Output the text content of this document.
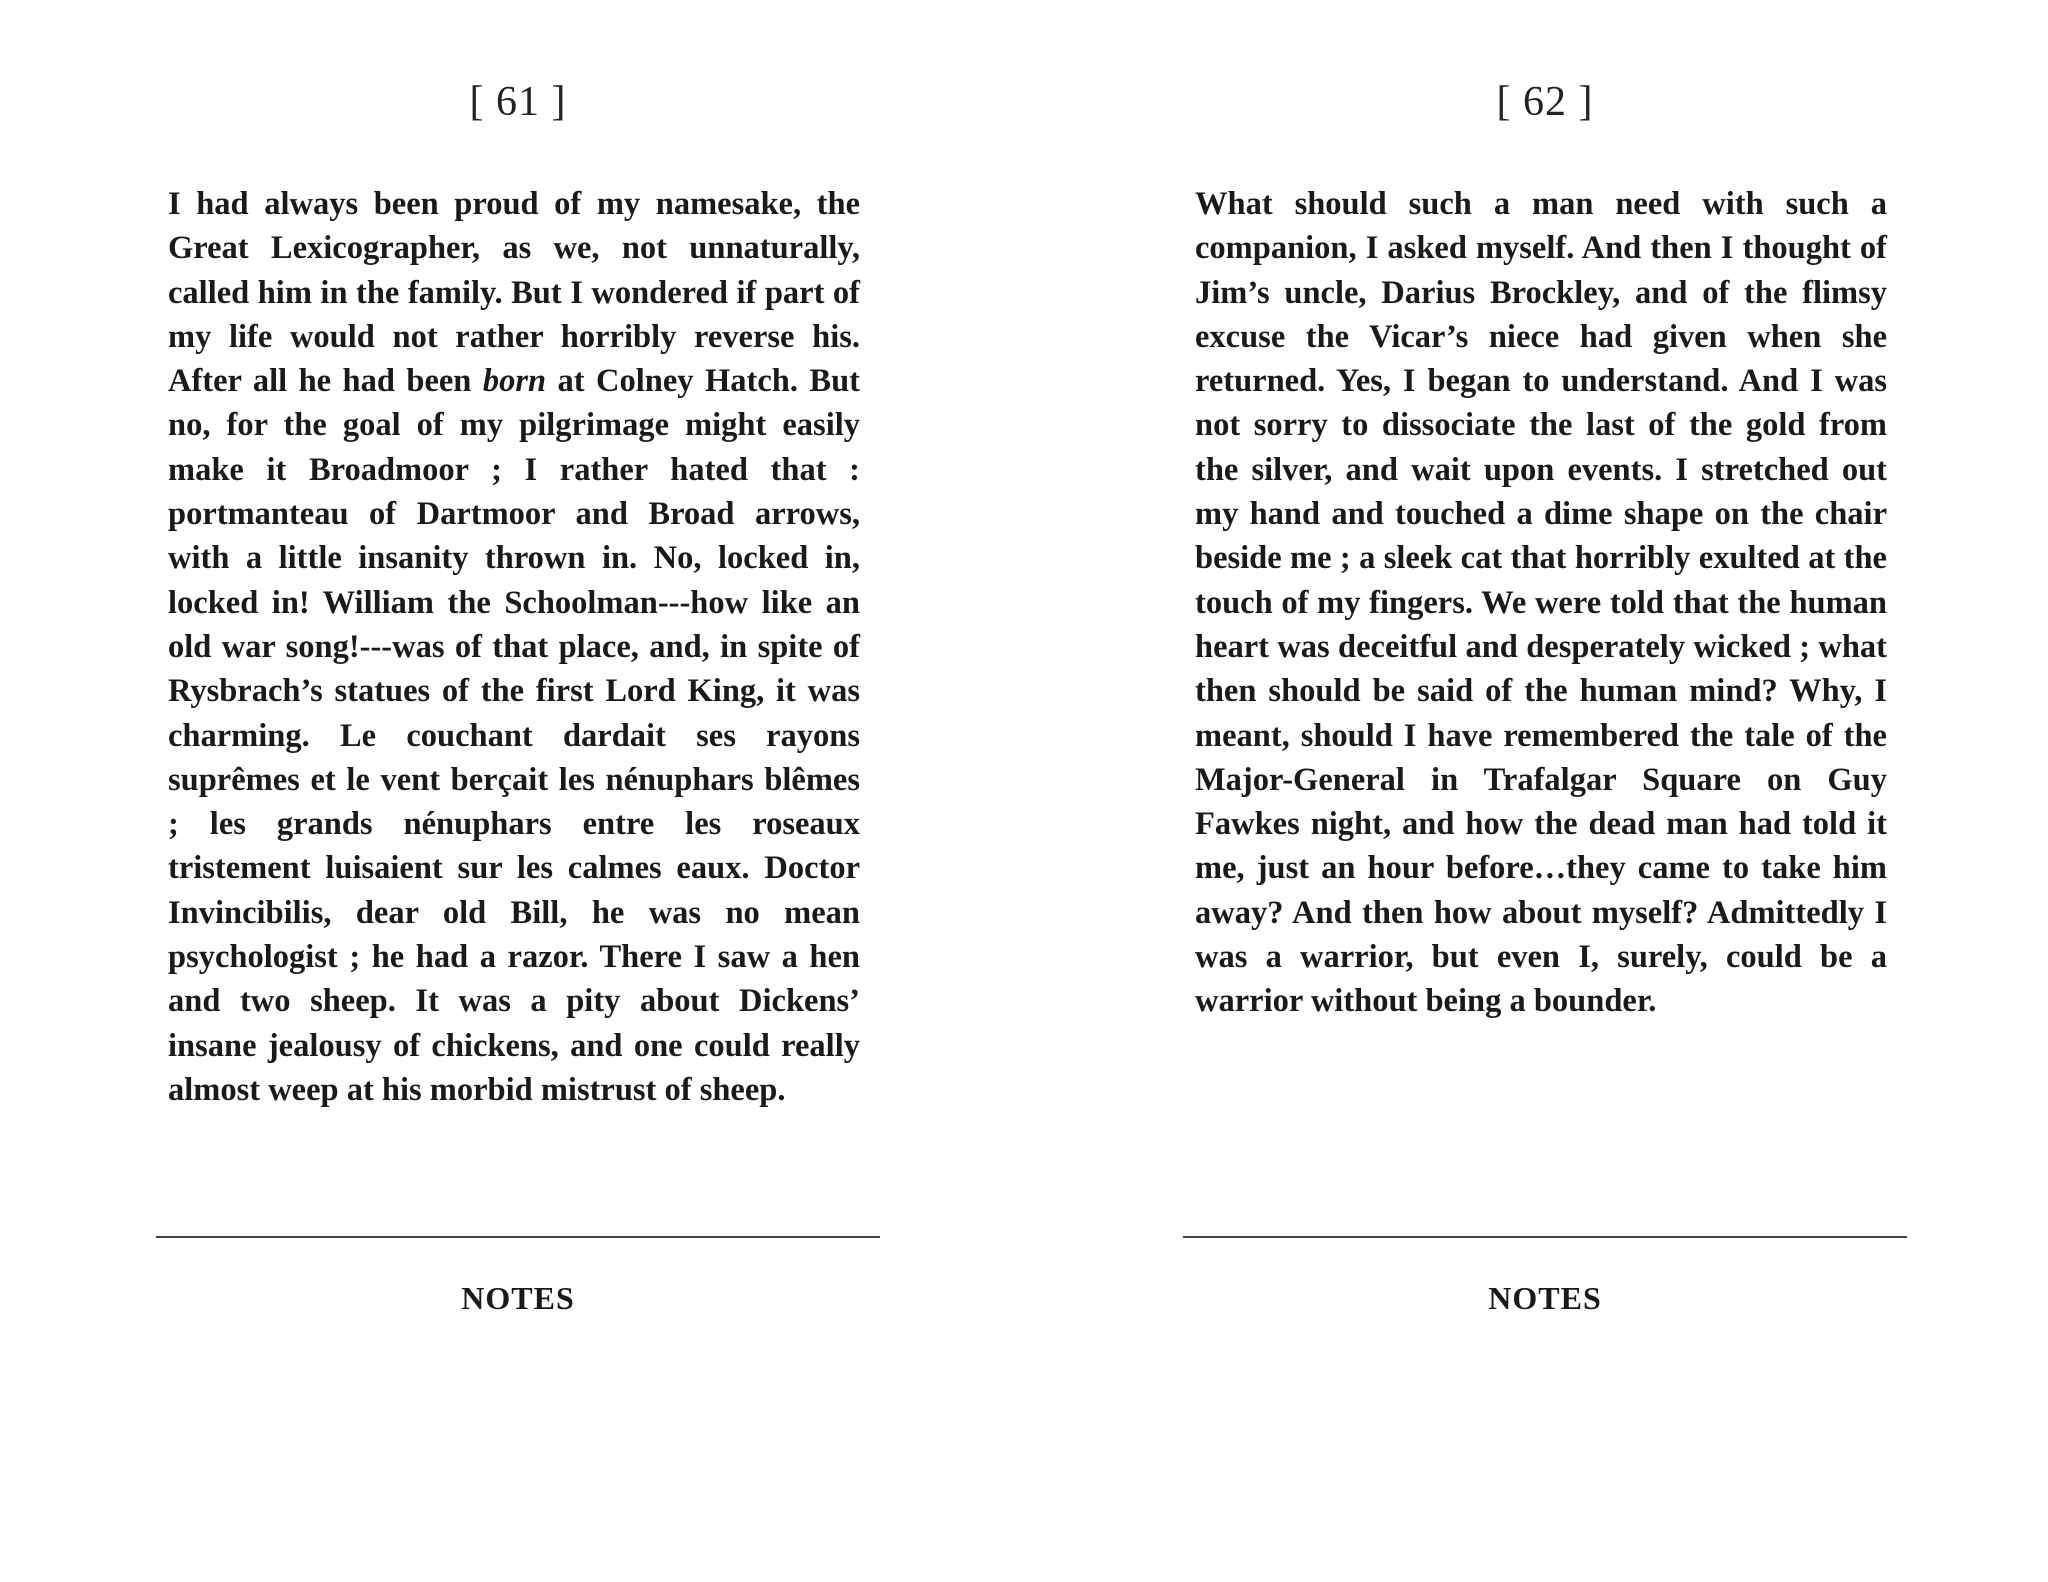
[ 61 ]

I had always been proud of my namesake, the Great Lexicographer, as we, not unnaturally, called him in the family. But I wondered if part of my life would not rather horribly reverse his. After all he had been born at Colney Hatch. But no, for the goal of my pilgrimage might easily make it Broadmoor ; I rather hated that : portmanteau of Dartmoor and Broad arrows, with a little insanity thrown in. No, locked in, locked in! William the Schoolman---how like an old war song!---was of that place, and, in spite of Rysbrach’s statues of the first Lord King, it was charming. Le couchant dardait ses rayons suprêmes et le vent berçait les nénuphars blêmes ; les grands nénuphars entre les roseaux tristement luisaient sur les calmes eaux. Doctor Invincibilis, dear old Bill, he was no mean psychologist ; he had a razor. There I saw a hen and two sheep. It was a pity about Dickens’ insane jealousy of chickens, and one could really almost weep at his morbid mistrust of sheep.

NOTES
[ 62 ]

What should such a man need with such a companion, I asked myself. And then I thought of Jim’s uncle, Darius Brockley, and of the flimsy excuse the Vicar’s niece had given when she returned. Yes, I began to understand. And I was not sorry to dissociate the last of the gold from the silver, and wait upon events. I stretched out my hand and touched a dime shape on the chair beside me ; a sleek cat that horribly exulted at the touch of my fingers. We were told that the human heart was deceitful and desperately wicked ; what then should be said of the human mind? Why, I meant, should I have remembered the tale of the Major-General in Trafalgar Square on Guy Fawkes night, and how the dead man had told it me, just an hour before…they came to take him away? And then how about myself? Admittedly I was a warrior, but even I, surely, could be a warrior without being a bounder.

NOTES
